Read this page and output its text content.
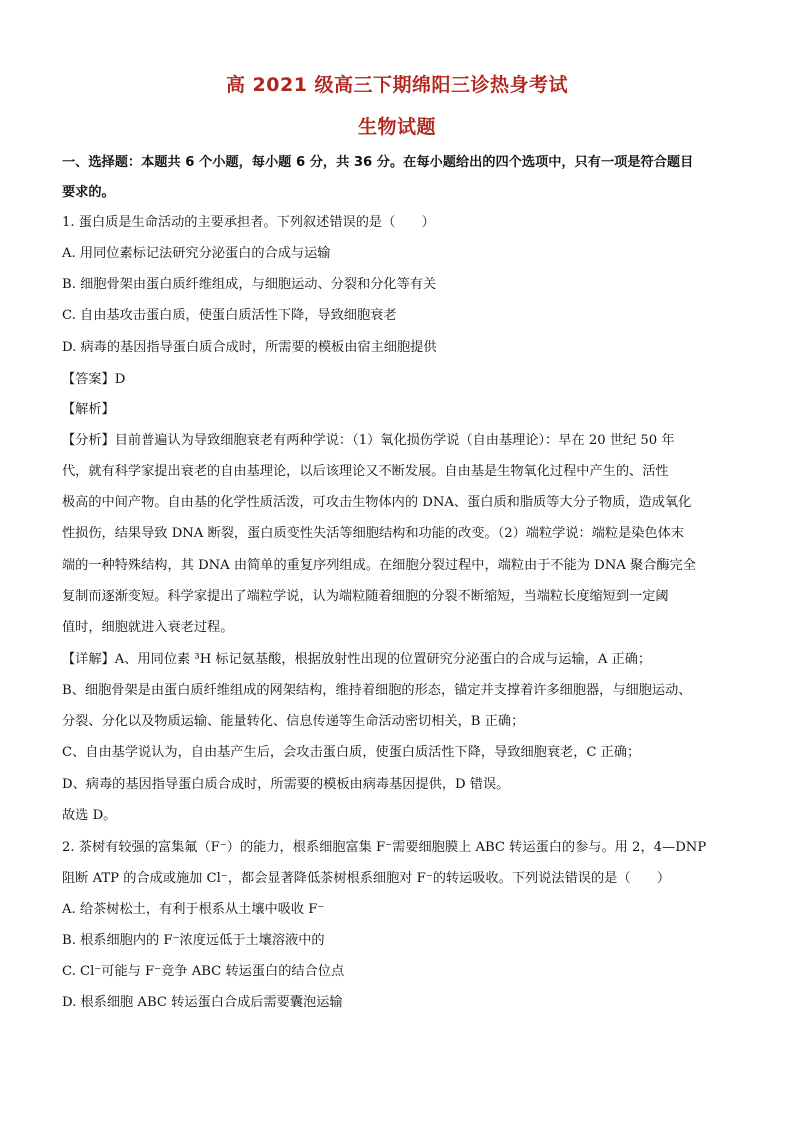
高 2021 级高三下期绵阳三诊热身考试
生物试题
一、选择题：本题共 6 个小题，每小题 6 分，共 36 分。在每小题给出的四个选项中，只有一项是符合题目
要求的。
1. 蛋白质是生命活动的主要承担者。下列叙述错误的是（　　）
A. 用同位素标记法研究分泌蛋白的合成与运输
B. 细胞骨架由蛋白质纤维组成，与细胞运动、分裂和分化等有关
C. 自由基攻击蛋白质，使蛋白质活性下降，导致细胞衰老
D. 病毒的基因指导蛋白质合成时，所需要的模板由宿主细胞提供
【答案】D
【解析】
【分析】目前普遍认为导致细胞衰老有两种学说：（1）氧化损伤学说（自由基理论）：早在 20 世纪 50 年
代，就有科学家提出衰老的自由基理论，以后该理论又不断发展。自由基是生物氧化过程中产生的、活性
极高的中间产物。自由基的化学性质活泼，可攻击生物体内的 DNA、蛋白质和脂质等大分子物质，造成氧化
性损伤，结果导致 DNA 断裂，蛋白质变性失活等细胞结构和功能的改变。（2）端粒学说：端粒是染色体末
端的一种特殊结构，其 DNA 由简单的重复序列组成。在细胞分裂过程中，端粒由于不能为 DNA 聚合酶完全
复制而逐渐变短。科学家提出了端粒学说，认为端粒随着细胞的分裂不断缩短，当端粒长度缩短到一定阈
值时，细胞就进入衰老过程。
【详解】A、用同位素 ³H 标记氨基酸，根据放射性出现的位置研究分泌蛋白的合成与运输，A 正确；
B、细胞骨架是由蛋白质纤维组成的网架结构，维持着细胞的形态，锚定并支撑着许多细胞器，与细胞运动、
分裂、分化以及物质运输、能量转化、信息传递等生命活动密切相关，B 正确；
C、自由基学说认为，自由基产生后，会攻击蛋白质，使蛋白质活性下降，导致细胞衰老，C 正确；
D、病毒的基因指导蛋白质合成时，所需要的模板由病毒基因提供，D 错误。
故选 D。
2. 茶树有较强的富集氟（F⁻）的能力，根系细胞富集 F⁻需要细胞膜上 ABC 转运蛋白的参与。用 2，4—DNP
阻断 ATP 的合成或施加 Cl⁻，都会显著降低茶树根系细胞对 F⁻的转运吸收。下列说法错误的是（　　）
A. 给茶树松土，有利于根系从土壤中吸收 F⁻
B. 根系细胞内的 F⁻浓度远低于土壤溶液中的
C. Cl⁻可能与 F⁻竞争 ABC 转运蛋白的结合位点
D. 根系细胞 ABC 转运蛋白合成后需要囊泡运输
